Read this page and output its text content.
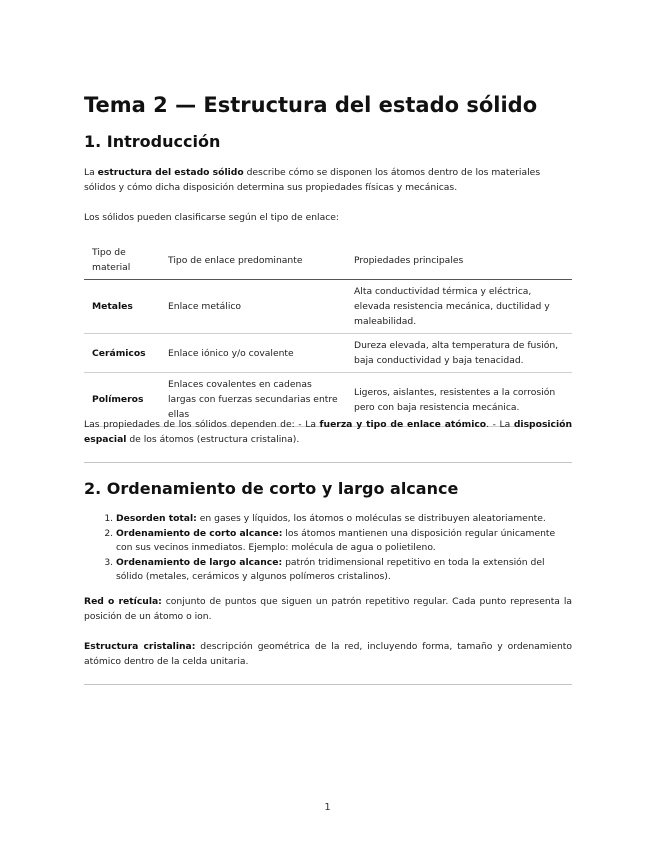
Tema 2 — Estructura del estado sólido
1. Introducción

La estructura del estado sólido describe cómo se disponen los átomos dentro de los materiales sólidos y cómo dicha disposición determina sus propiedades físicas y mecánicas.

Los sólidos pueden clasificarse según el tipo de enlace:

Tipo de material	Tipo de enlace predominante	Propiedades principales
Metales	Enlace metálico	Alta conductividad térmica y eléctrica, elevada resistencia mecánica, ductilidad y maleabilidad.
Cerámicos	Enlace iónico y/o covalente	Dureza elevada, alta temperatura de fusión, baja conductividad y baja tenacidad.
Polímeros	Enlaces covalentes en cadenas largas con fuerzas secundarias entre ellas	Ligeros, aislantes, resistentes a la corrosión pero con baja resistencia mecánica.

Las propiedades de los sólidos dependen de: - La fuerza y tipo de enlace atómico. - La disposición espacial de los átomos (estructura cristalina).

2. Ordenamiento de corto y largo alcance
1. Desorden total: en gases y líquidos, los átomos o moléculas se distribuyen aleatoriamente.
2. Ordenamiento de corto alcance: los átomos mantienen una disposición regular únicamente con sus vecinos inmediatos. Ejemplo: molécula de agua o polietileno.
3. Ordenamiento de largo alcance: patrón tridimensional repetitivo en toda la extensión del sólido (metales, cerámicos y algunos polímeros cristalinos).

Red o retícula: conjunto de puntos que siguen un patrón repetitivo regular. Cada punto representa la posición de un átomo o ion.

Estructura cristalina: descripción geométrica de la red, incluyendo forma, tamaño y ordenamiento atómico dentro de la celda unitaria.

1
